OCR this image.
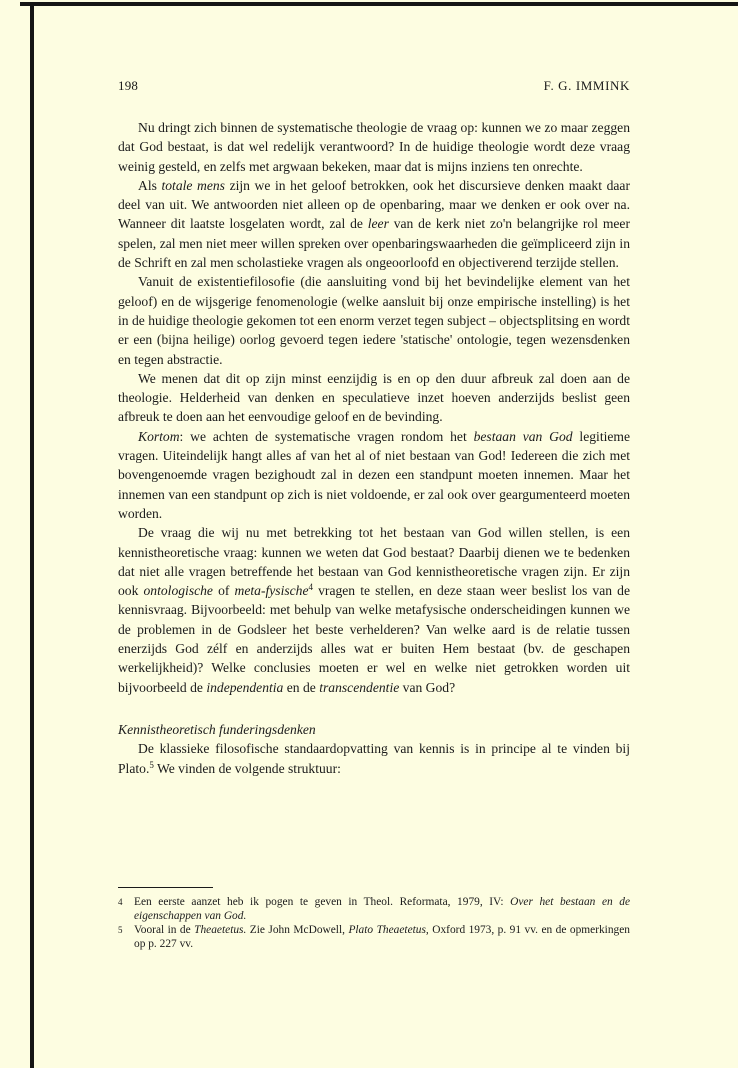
198	F. G. IMMINK

Nu dringt zich binnen de systematische theologie de vraag op: kunnen we zo maar zeggen dat God bestaat, is dat wel redelijk verantwoord? In de huidige theologie wordt deze vraag weinig gesteld, en zelfs met argwaan bekeken, maar dat is mijns inziens ten onrechte.

Als totale mens zijn we in het geloof betrokken, ook het discursieve denken maakt daar deel van uit. We antwoorden niet alleen op de openbaring, maar we denken er ook over na. Wanneer dit laatste losgelaten wordt, zal de leer van de kerk niet zo'n belangrijke rol meer spelen, zal men niet meer willen spreken over openbaringswaarheden die geïmpliceerd zijn in de Schrift en zal men scholastieke vragen als ongeoorloofd en objectiverend terzijde stellen.

Vanuit de existentiefilosofie (die aansluiting vond bij het bevindelijke element van het geloof) en de wijsgerige fenomenologie (welke aansluit bij onze empirische instelling) is het in de huidige theologie gekomen tot een enorm verzet tegen subject – objectsplitsing en wordt er een (bijna heilige) oorlog gevoerd tegen iedere 'statische' ontologie, tegen wezensdenken en tegen abstractie.

We menen dat dit op zijn minst eenzijdig is en op den duur afbreuk zal doen aan de theologie. Helderheid van denken en speculatieve inzet hoeven anderzijds beslist geen afbreuk te doen aan het eenvoudige geloof en de bevinding.

Kortom: we achten de systematische vragen rondom het bestaan van God legitieme vragen. Uiteindelijk hangt alles af van het al of niet bestaan van God! Iedereen die zich met bovengenoemde vragen bezighoudt zal in dezen een standpunt moeten innemen. Maar het innemen van een standpunt op zich is niet voldoende, er zal ook over geargumenteerd moeten worden.

De vraag die wij nu met betrekking tot het bestaan van God willen stellen, is een kennistheoretische vraag: kunnen we weten dat God bestaat? Daarbij dienen we te bedenken dat niet alle vragen betreffende het bestaan van God kennistheoretische vragen zijn. Er zijn ook ontologische of meta-fysische$^4$ vragen te stellen, en deze staan weer beslist los van de kennisvraag. Bijvoorbeeld: met behulp van welke metafysische onderscheidingen kunnen we de problemen in de Godsleer het beste verhelderen? Van welke aard is de relatie tussen enerzijds God zélf en anderzijds alles wat er buiten Hem bestaat (bv. de geschapen werkelijkheid)? Welke conclusies moeten er wel en welke niet getrokken worden uit bijvoorbeeld de independentia en de transcendentie van God?

Kennistheoretisch funderingsdenken

De klassieke filosofische standaardopvatting van kennis is in principe al te vinden bij Plato.$^5$ We vinden de volgende struktuur:

4	Een eerste aanzet heb ik pogen te geven in Theol. Reformata, 1979, IV: Over het bestaan en de eigenschappen van God.
5	Vooral in de Theaetetus. Zie John McDowell, Plato Theaetetus, Oxford 1973, p. 91 vv. en de opmerkingen op p. 227 vv.
